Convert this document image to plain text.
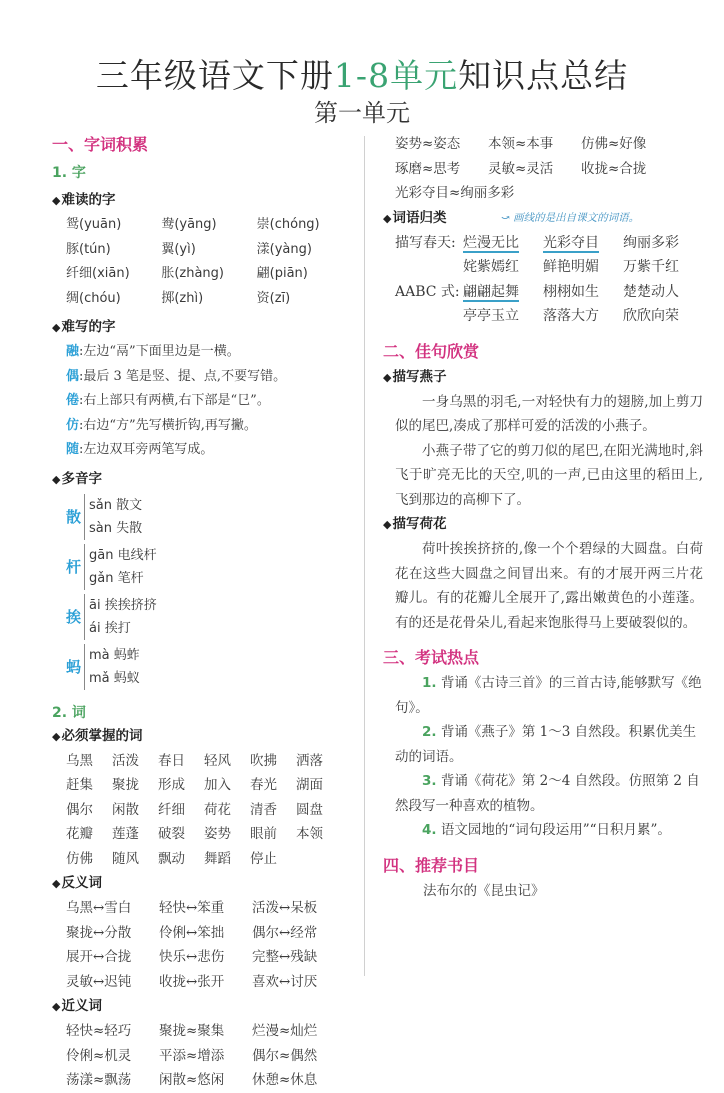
三年级语文下册1-8单元知识点总结
第一单元
一、字词积累
1. 字
◆难读的字
鸳(yuān)	鸯(yāng)	崇(chóng)
豚(tún)	翼(yì)	漾(yàng)
纤细(xiān)	胀(zhàng)	翩(piān)
绸(chóu)	掷(zhì)	资(zī)
◆难写的字
融:左边“鬲”下面里边是一横。
偶:最后 3 笔是竖、提、点,不要写错。
倦:右上部只有两横,右下部是“㔾”。
仿:右边“方”先写横折钩,再写撇。
随:左边双耳旁两笔写成。
◆多音字
散
sǎn 散文
sàn 失散
杆
gān 电线杆
gǎn 笔杆
挨
āi 挨挨挤挤
ái 挨打
蚂
mà 蚂蚱
mǎ 蚂蚁
2. 词
◆必须掌握的词
乌黑	活泼	春日	轻风	吹拂	洒落
赶集	聚拢	形成	加入	春光	湖面
偶尔	闲散	纤细	荷花	清香	圆盘
花瓣	莲蓬	破裂	姿势	眼前	本领
仿佛	随风	飘动	舞蹈	停止
◆反义词
乌黑↔雪白	轻快↔笨重	活泼↔呆板
聚拢↔分散	伶俐↔笨拙	偶尔↔经常
展开↔合拢	快乐↔悲伤	完整↔残缺
灵敏↔迟钝	收拢↔张开	喜欢↔讨厌
◆近义词
轻快≈轻巧	聚拢≈聚集	烂漫≈灿烂
伶俐≈机灵	平添≈增添	偶尔≈偶然
荡漾≈飘荡	闲散≈悠闲	休憩≈休息
姿势≈姿态	本领≈本事	仿佛≈好像
琢磨≈思考	灵敏≈灵活	收拢≈合拢
光彩夺目≈绚丽多彩
◆词语归类	⤻ 画线的是出自课文的词语。
描写春天: 烂漫无比	光彩夺目	绚丽多彩
姹紫嫣红	鲜艳明媚	万紫千红
AABC 式: 翩翩起舞	栩栩如生	楚楚动人
亭亭玉立	落落大方	欣欣向荣
二、佳句欣赏
◆描写燕子
一身乌黑的羽毛,一对轻快有力的翅膀,加上剪刀似的尾巴,凑成了那样可爱的活泼的小燕子。
小燕子带了它的剪刀似的尾巴,在阳光满地时,斜飞于旷亮无比的天空,叽的一声,已由这里的稻田上,飞到那边的高柳下了。
◆描写荷花
荷叶挨挨挤挤的,像一个个碧绿的大圆盘。白荷花在这些大圆盘之间冒出来。有的才展开两三片花瓣儿。有的花瓣儿全展开了,露出嫩黄色的小莲蓬。有的还是花骨朵儿,看起来饱胀得马上要破裂似的。
三、考试热点
1. 背诵《古诗三首》的三首古诗,能够默写《绝句》。
2. 背诵《燕子》第 1～3 自然段。积累优美生动的词语。
3. 背诵《荷花》第 2～4 自然段。仿照第 2 自然段写一种喜欢的植物。
4. 语文园地的“词句段运用”“日积月累”。
四、推荐书目
法布尔的《昆虫记》
